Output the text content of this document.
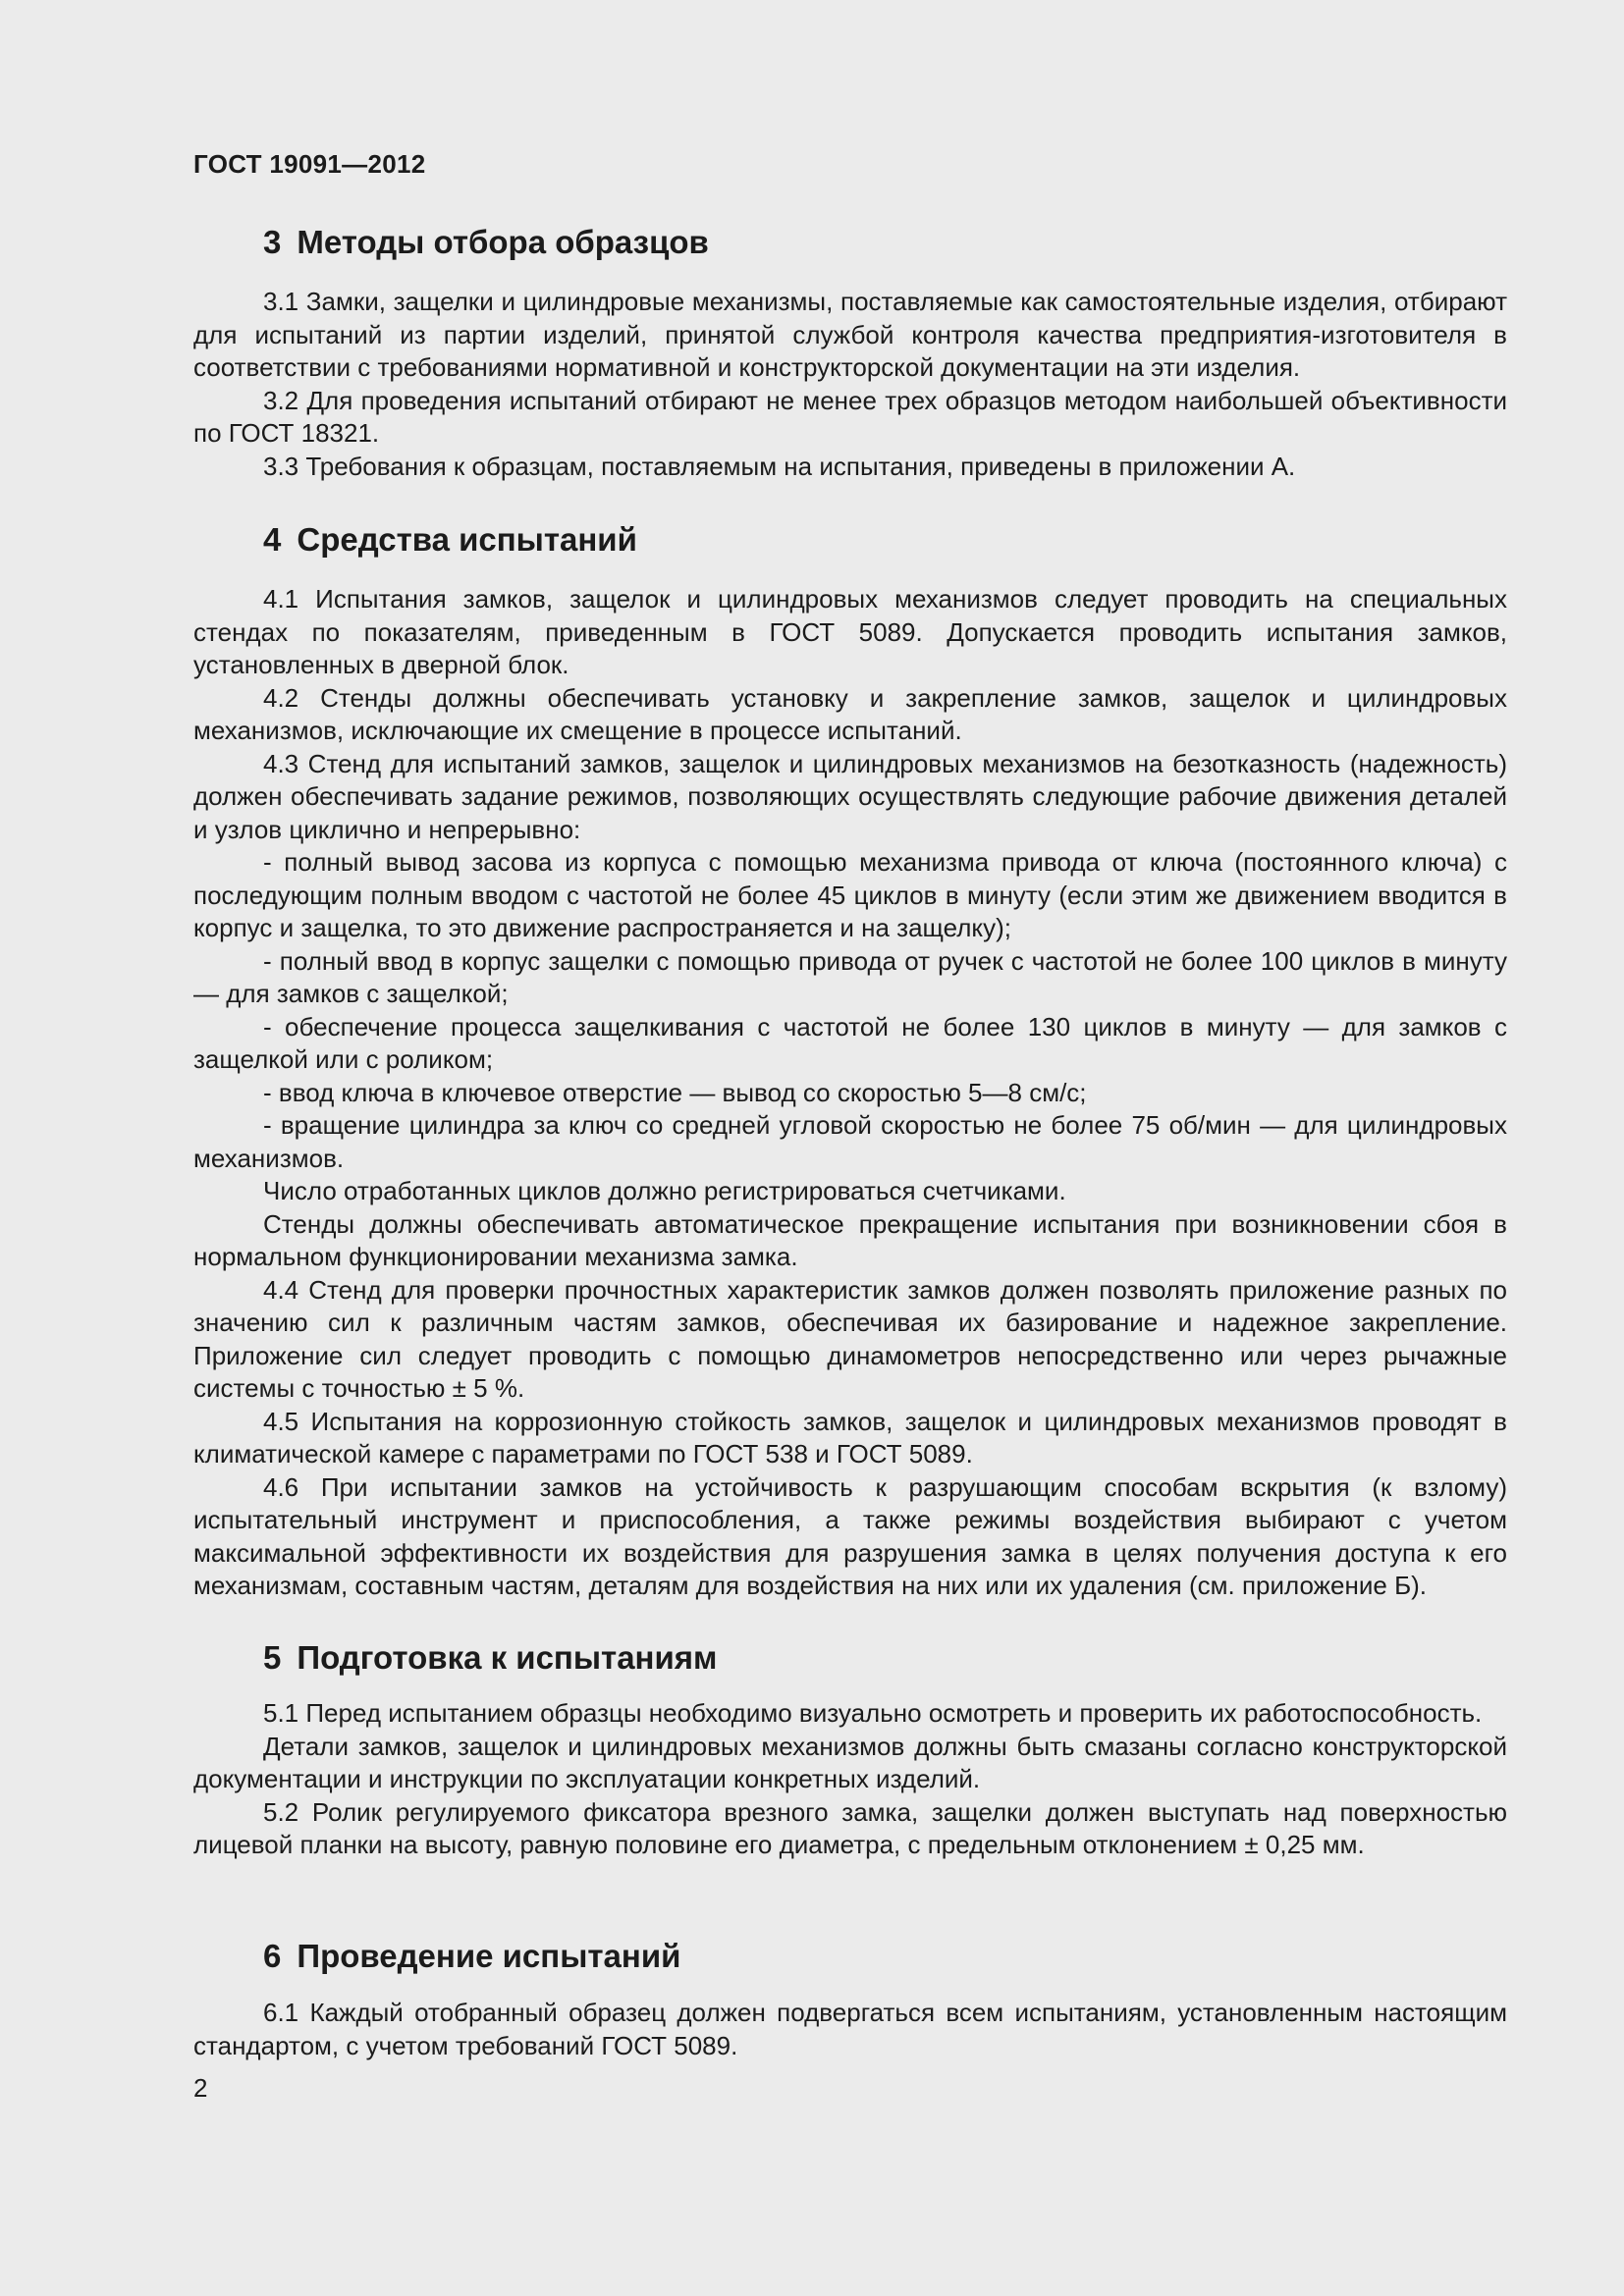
ГОСТ 19091—2012
3 Методы отбора образцов

3.1 Замки, защелки и цилиндровые механизмы, поставляемые как самостоятельные изделия, отбирают для испытаний из партии изделий, принятой службой контроля качества предприятия-изготовителя в соответствии с требованиями нормативной и конструкторской документации на эти изделия.

3.2 Для проведения испытаний отбирают не менее трех образцов методом наибольшей объективности по ГОСТ 18321.

3.3 Требования к образцам, поставляемым на испытания, приведены в приложении А.

4 Средства испытаний

4.1 Испытания замков, защелок и цилиндровых механизмов следует проводить на специальных стендах по показателям, приведенным в ГОСТ 5089. Допускается проводить испытания замков, установленных в дверной блок.

4.2 Стенды должны обеспечивать установку и закрепление замков, защелок и цилиндровых механизмов, исключающие их смещение в процессе испытаний.

4.3 Стенд для испытаний замков, защелок и цилиндровых механизмов на безотказность (надежность) должен обеспечивать задание режимов, позволяющих осуществлять следующие рабочие движения деталей и узлов циклично и непрерывно:

- полный вывод засова из корпуса с помощью механизма привода от ключа (постоянного ключа) с последующим полным вводом с частотой не более 45 циклов в минуту (если этим же движением вводится в корпус и защелка, то это движение распространяется и на защелку);

- полный ввод в корпус защелки с помощью привода от ручек с частотой не более 100 циклов в минуту — для замков с защелкой;

- обеспечение процесса защелкивания с частотой не более 130 циклов в минуту — для замков с защелкой или с роликом;

- ввод ключа в ключевое отверстие — вывод со скоростью 5—8 см/с;

- вращение цилиндра за ключ со средней угловой скоростью не более 75 об/мин — для цилиндровых механизмов.

Число отработанных циклов должно регистрироваться счетчиками.

Стенды должны обеспечивать автоматическое прекращение испытания при возникновении сбоя в нормальном функционировании механизма замка.

4.4 Стенд для проверки прочностных характеристик замков должен позволять приложение разных по значению сил к различным частям замков, обеспечивая их базирование и надежное закрепление. Приложение сил следует проводить с помощью динамометров непосредственно или через рычажные системы с точностью ± 5 %.

4.5 Испытания на коррозионную стойкость замков, защелок и цилиндровых механизмов проводят в климатической камере с параметрами по ГОСТ 538 и ГОСТ 5089.

4.6 При испытании замков на устойчивость к разрушающим способам вскрытия (к взлому) испытательный инструмент и приспособления, а также режимы воздействия выбирают с учетом максимальной эффективности их воздействия для разрушения замка в целях получения доступа к его механизмам, составным частям, деталям для воздействия на них или их удаления (см. приложение Б).

5 Подготовка к испытаниям

5.1 Перед испытанием образцы необходимо визуально осмотреть и проверить их работоспособность.

Детали замков, защелок и цилиндровых механизмов должны быть смазаны согласно конструкторской документации и инструкции по эксплуатации конкретных изделий.

5.2 Ролик регулируемого фиксатора врезного замка, защелки должен выступать над поверхностью лицевой планки на высоту, равную половине его диаметра, с предельным отклонением ± 0,25 мм.

6 Проведение испытаний

6.1 Каждый отобранный образец должен подвергаться всем испытаниям, установленным настоящим стандартом, с учетом требований ГОСТ 5089.

2
